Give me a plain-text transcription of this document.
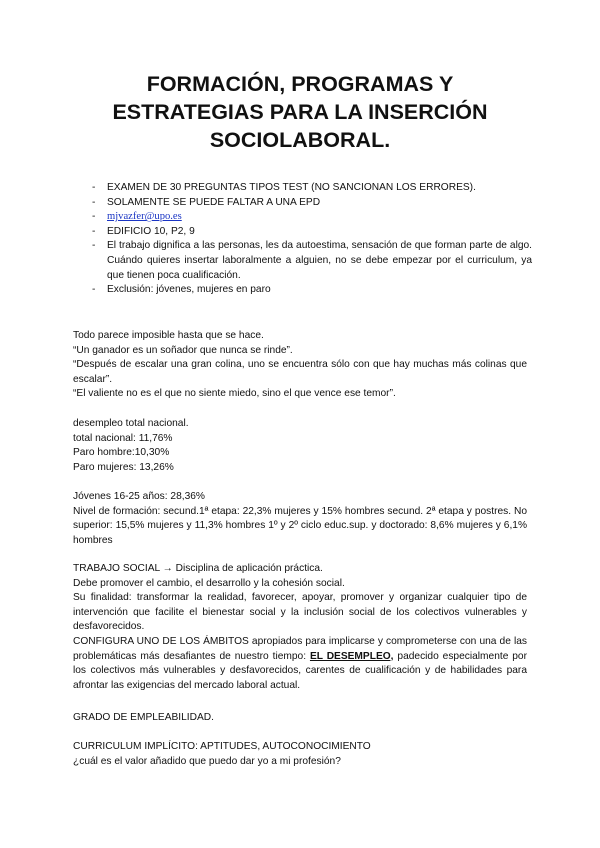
FORMACIÓN, PROGRAMAS Y
ESTRATEGIAS PARA LA INSERCIÓN
SOCIOLABORAL.
- EXAMEN DE 30 PREGUNTAS TIPOS TEST (NO SANCIONAN LOS ERRORES).
- SOLAMENTE SE PUEDE FALTAR A UNA EPD
- mjvazfer@upo.es
- EDIFICIO 10, P2, 9
- El trabajo dignifica a las personas, les da autoestima, sensación de que forman parte de algo. Cuándo quieres insertar laboralmente a alguien, no se debe empezar por el curriculum, ya que tienen poca cualificación.
- Exclusión: jóvenes, mujeres en paro

Todo parece imposible hasta que se hace.

“Un ganador es un soñador que nunca se rinde”.

“Después de escalar una gran colina, uno se encuentra sólo con que hay muchas más colinas que escalar”.

“El valiente no es el que no siente miedo, sino el que vence ese temor”.

desempleo total nacional.

total nacional: 11,76%

Paro hombre:10,30%

Paro mujeres: 13,26%

Jóvenes 16-25 años: 28,36%

Nivel de formación: secund.1ª etapa: 22,3% mujeres y 15% hombres secund. 2ª etapa y postres. No superior: 15,5% mujeres y 11,3% hombres 1º y 2º ciclo educ.sup. y doctorado: 8,6% mujeres y 6,1% hombres

TRABAJO SOCIAL → Disciplina de aplicación práctica.

Debe promover el cambio, el desarrollo y la cohesión social.

Su finalidad: transformar la realidad, favorecer, apoyar, promover y organizar cualquier tipo de intervención que facilite el bienestar social y la inclusión social de los colectivos vulnerables y desfavorecidos.

CONFIGURA UNO DE LOS ÁMBITOS apropiados para implicarse y comprometerse con una de las problemáticas más desafiantes de nuestro tiempo: EL DESEMPLEO, padecido especialmente por los colectivos más vulnerables y desfavorecidos, carentes de cualificación y de habilidades para afrontar las exigencias del mercado laboral actual.

GRADO DE EMPLEABILIDAD.

CURRICULUM IMPLÍCITO: APTITUDES, AUTOCONOCIMIENTO

¿cuál es el valor añadido que puedo dar yo a mi profesión?
